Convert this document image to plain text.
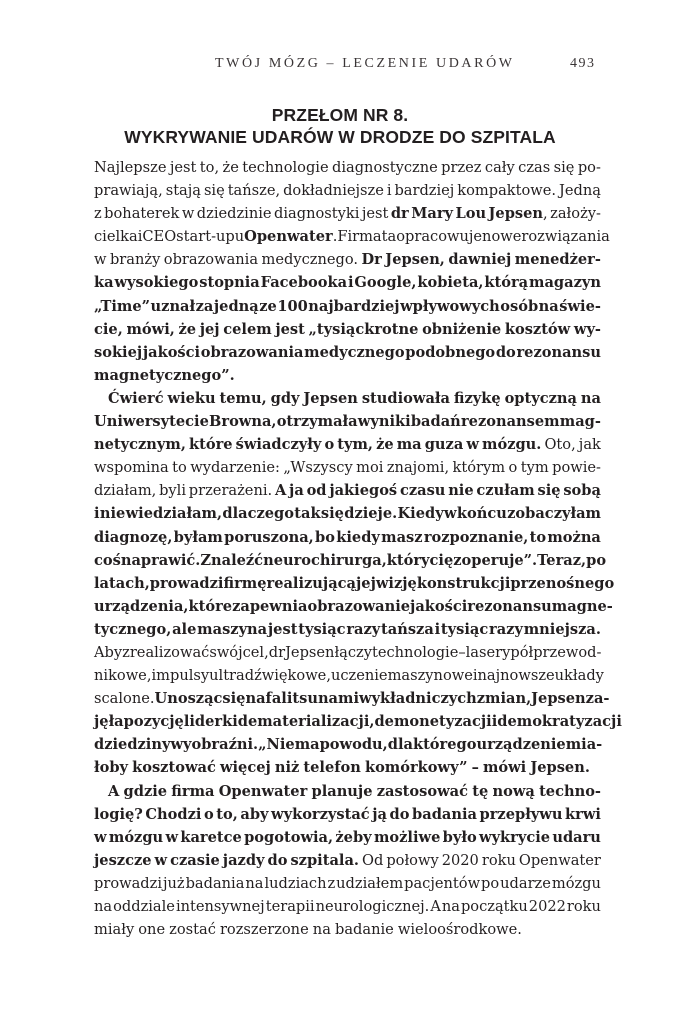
TWÓJ MÓZG – LECZENIE UDARÓW	493
PRZEŁOM NR 8.
WYKRYWANIE UDARÓW W DRODZE DO SZPITALA
Najlepsze jest to, że technologie diagnostyczne przez cały czas się po-
prawiają, stają się tańsze, dokładniejsze i bardziej kompaktowe. Jedną
z bohaterek w dziedzinie diagnostyki jest dr Mary Lou Jepsen, założy-
cielka i CEO start-upu Openwater. Firma ta opracowuje nowe rozwiązania
w branży obrazowania medycznego. Dr Jepsen, dawniej menedżer-
ka wysokiego stopnia Facebooka i Google, kobieta, którą magazyn
„Time” uznał za jedną ze 100 najbardziej wpływowych osób na świe-
cie, mówi, że jej celem jest „tysiąckrotne obniżenie kosztów wy-
sokiej jakości obrazowania medycznego podobnego do rezonansu
magnetycznego”.
Ćwierć wieku temu, gdy Jepsen studiowała fizykę optyczną na
Uniwersytecie Browna, otrzymała wyniki badań rezonansem mag-
netycznym, które świadczyły o tym, że ma guza w mózgu. Oto, jak
wspomina to wydarzenie: „Wszyscy moi znajomi, którym o tym powie-
działam, byli przerażeni. A ja od jakiegoś czasu nie czułam się sobą
i nie wiedziałam, dlaczego tak się dzieje. Kiedy w końcu zobaczyłam
diagnozę, byłam poruszona, bo kiedy masz rozpoznanie, to można
coś naprawić. Znaleźć neurochirurga, który cię zoperuje”. Teraz, po
latach, prowadzi firmę realizującą jej wizję konstrukcji przenośnego
urządzenia, które zapewnia obrazowanie jakości rezonansu magne-
tycznego, ale maszyna jest tysiąc razy tańsza i tysiąc razy mniejsza.
Aby zrealizować swój cel, dr Jepsen łączy technologie – lasery półprzewod-
nikowe, impulsy ultradźwiękowe, uczenie maszynowe i najnowsze układy
scalone. Unosząc się na fali tsunami wykładniczych zmian, Jepsen za-
jęła pozycję liderki dematerializacji, demonetyzacji i demokratyzacji
dziedziny wyobraźni. „Nie ma powodu, dla którego urządzenie mia-
łoby kosztować więcej niż telefon komórkowy” – mówi Jepsen.
A gdzie firma Openwater planuje zastosować tę nową techno-
logię? Chodzi o to, aby wykorzystać ją do badania przepływu krwi
w mózgu w karetce pogotowia, żeby możliwe było wykrycie udaru
jeszcze w czasie jazdy do szpitala. Od połowy 2020 roku Openwater
prowadzi już badania na ludziach z udziałem pacjentów po udarze mózgu
na oddziale intensywnej terapii neurologicznej. A na początku 2022 roku
miały one zostać rozszerzone na badanie wieloośrodkowe.
